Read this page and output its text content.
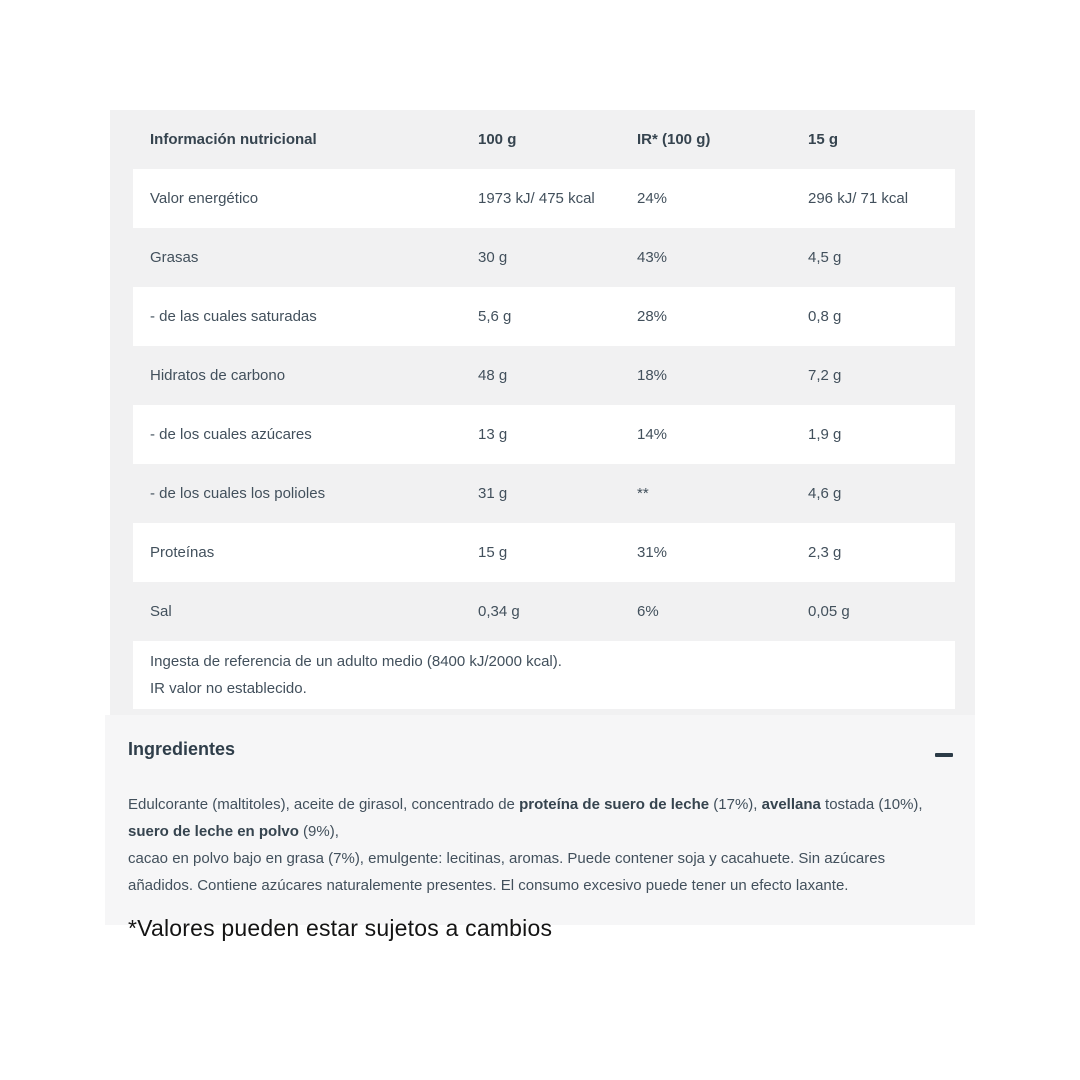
Información nutricional	100 g	IR* (100 g)	15 g
Valor energético	1973 kJ/ 475 kcal	24%	296 kJ/ 71 kcal
Grasas	30 g	43%	4,5 g
- de las cuales saturadas	5,6 g	28%	0,8 g
Hidratos de carbono	48 g	18%	7,2 g
- de los cuales azúcares	13 g	14%	1,9 g
- de los cuales los polioles	31 g	**	4,6 g
Proteínas	15 g	31%	2,3 g
Sal	0,34 g	6%	0,05 g
Ingesta de referencia de un adulto medio (8400 kJ/2000 kcal).
IR valor no establecido.
Ingredientes
Edulcorante (maltitoles), aceite de girasol, concentrado de proteína de suero de leche (17%), avellana tostada (10%),
suero de leche en polvo (9%),
cacao en polvo bajo en grasa (7%), emulgente: lecitinas, aromas. Puede contener soja y cacahuete. Sin azúcares
añadidos. Contiene azúcares naturalemente presentes. El consumo excesivo puede tener un efecto laxante.
*Valores pueden estar sujetos a cambios
